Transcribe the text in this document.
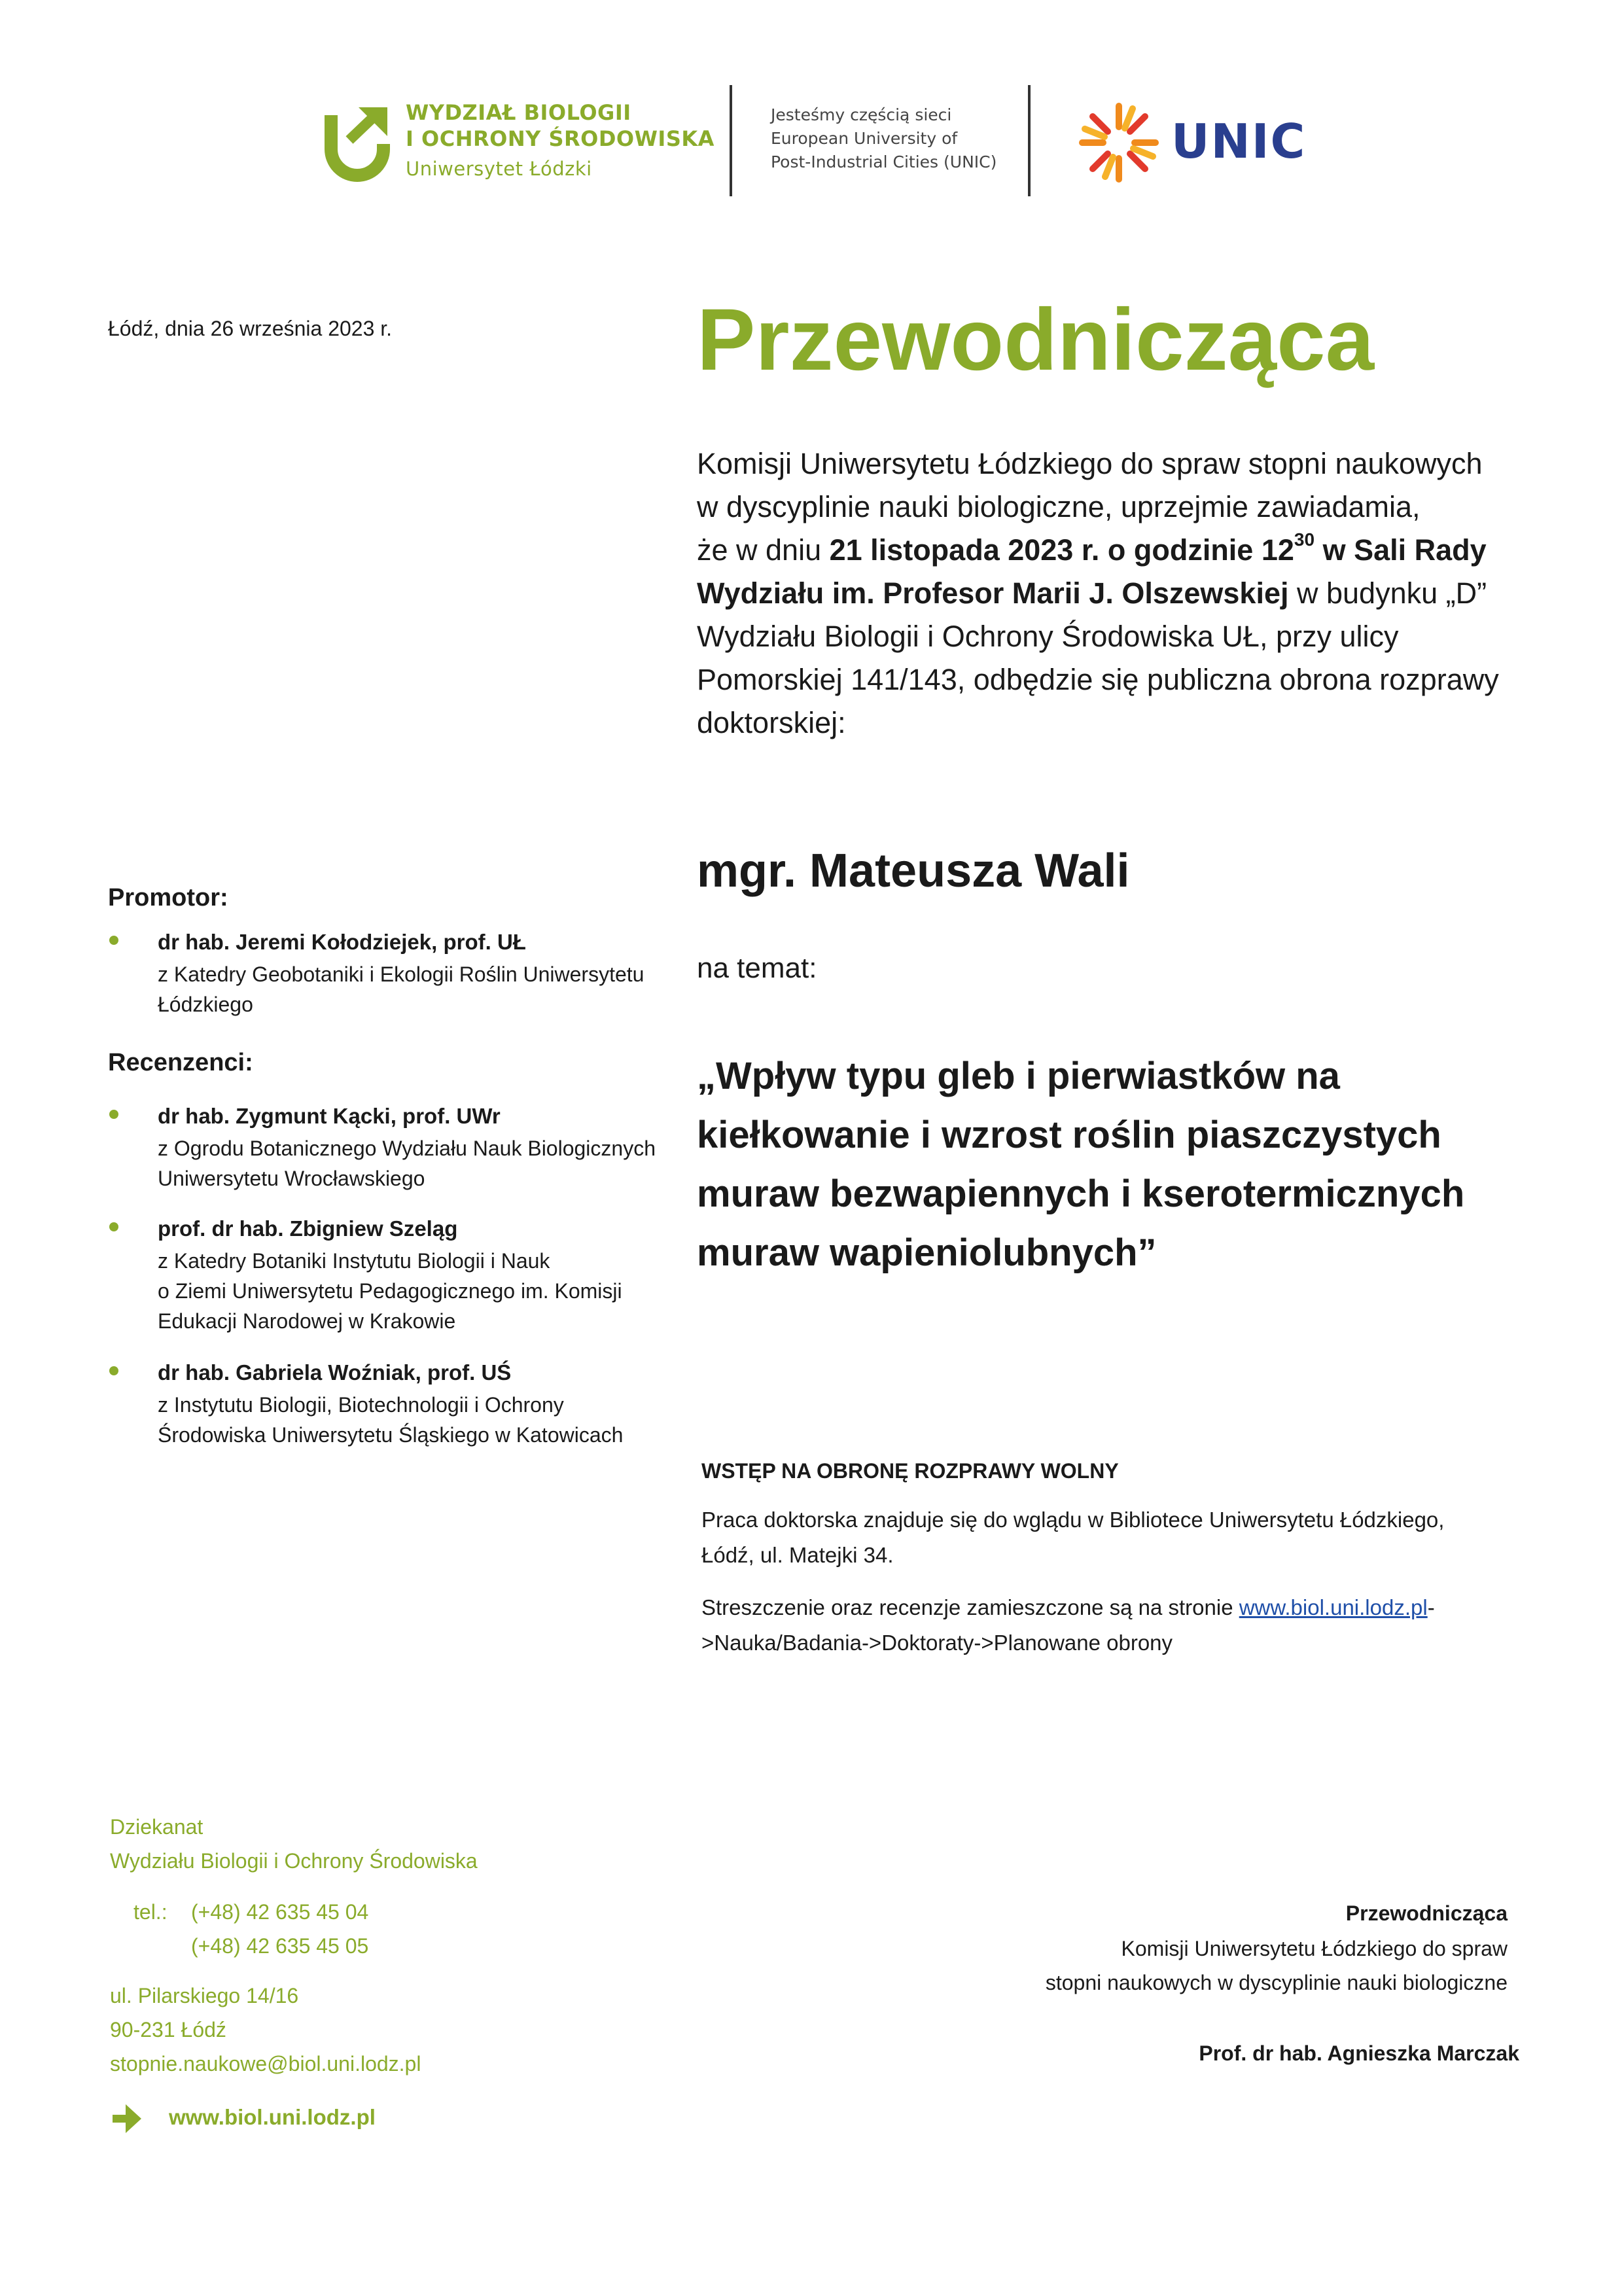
WYDZIAŁ BIOLOGII
I OCHRONY ŚRODOWISKA
Uniwersytet Łódzki
Jesteśmy częścią sieci
European University of
Post-Industrial Cities (UNIC)	UNIC
Łódź, dnia 26 września 2023 r.	Przewodnicząca

Komisji Uniwersytetu Łódzkiego do spraw stopni naukowych

w dyscyplinie nauki biologiczne, uprzejmie zawiadamia,

że w dniu 21 listopada 2023 r. o godzinie $12^{30}$ w Sali Rady

Wydziału im. Profesor Marii J. Olszewskiej w budynku „D”

Wydziału Biologii i Ochrony Środowiska UŁ, przy ulicy

Pomorskiej 141/143, odbędzie się publiczna obrona rozprawy

doktorskiej:

mgr. Mateusza Wali
na temat:

„Wpływ typu gleb i pierwiastków na

kiełkowanie i wzrost roślin piaszczystych

muraw bezwapiennych i kserotermicznych

muraw wapieniolubnych”

Promotor:
dr hab. Jeremi Kołodziejek, prof. UŁ
z Katedry Geobotaniki i Ekologii Roślin Uniwersytetu
Łódzkiego
Recenzenci:
dr hab. Zygmunt Kącki, prof. UWr
z Ogrodu Botanicznego Wydziału Nauk Biologicznych
Uniwersytetu Wrocławskiego
prof. dr hab. Zbigniew Szeląg
z Katedry Botaniki Instytutu Biologii i Nauk
o Ziemi Uniwersytetu Pedagogicznego im. Komisji
Edukacji Narodowej w Krakowie
dr hab. Gabriela Woźniak, prof. UŚ
z Instytutu Biologii, Biotechnologii i Ochrony
Środowiska Uniwersytetu Śląskiego w Katowicach
WSTĘP NA OBRONĘ ROZPRAWY WOLNY
Praca doktorska znajduje się do wglądu w Bibliotece Uniwersytetu Łódzkiego,
Łódź, ul. Matejki 34.
Streszczenie oraz recenzje zamieszczone są na stronie www.biol.uni.lodz.pl-
>Nauka/Badania->Doktoraty->Planowane obrony
Dziekanat
Wydziału Biologii i Ochrony Środowiska
tel.: (+48) 42 635 45 04
(+48) 42 635 45 05
ul. Pilarskiego 14/16
90-231 Łódź
stopnie.naukowe@biol.uni.lodz.pl
www.biol.uni.lodz.pl
Przewodnicząca
Komisji Uniwersytetu Łódzkiego do spraw
stopni naukowych w dyscyplinie nauki biologiczne
Prof. dr hab. Agnieszka Marczak
